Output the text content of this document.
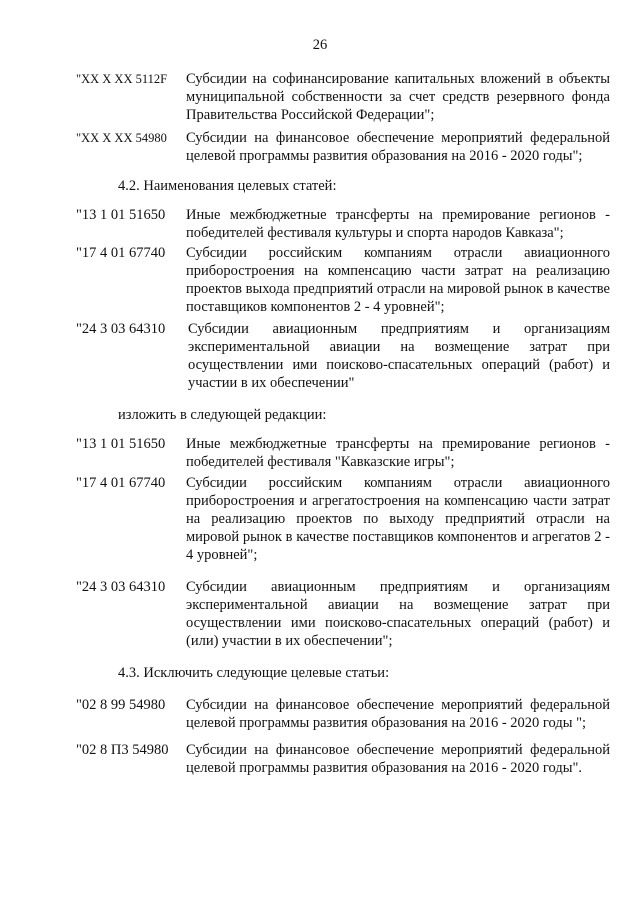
26
"XX X XX 5112F Субсидии на софинансирование капитальных вложений в объекты муниципальной собственности за счет средств резервного фонда Правительства Российской Федерации";
"XX X XX 54980 Субсидии на финансовое обеспечение мероприятий федеральной целевой программы развития образования на 2016 - 2020 годы";
4.2. Наименования целевых статей:
"13 1 01 51650 Иные межбюджетные трансферты на премирование регионов - победителей фестиваля культуры и спорта народов Кавказа";
"17 4 01 67740 Субсидии российским компаниям отрасли авиационного приборостроения на компенсацию части затрат на реализацию проектов выхода предприятий отрасли на мировой рынок в качестве поставщиков компонентов 2 - 4 уровней";
"24 3 03 64310 Субсидии авиационным предприятиям и организациям экспериментальной авиации на возмещение затрат при осуществлении ими поисково-спасательных операций (работ) и участии в их обеспечении"
изложить в следующей редакции:
"13 1 01 51650 Иные межбюджетные трансферты на премирование регионов - победителей фестиваля "Кавказские игры";
"17 4 01 67740 Субсидии российским компаниям отрасли авиационного приборостроения и агрегатостроения на компенсацию части затрат на реализацию проектов по выходу предприятий отрасли на мировой рынок в качестве поставщиков компонентов и агрегатов 2 - 4 уровней";
"24 3 03 64310 Субсидии авиационным предприятиям и организациям экспериментальной авиации на возмещение затрат при осуществлении ими поисково-спасательных операций (работ) и (или) участии в их обеспечении";
4.3. Исключить следующие целевые статьи:
"02 8 99 54980 Субсидии на финансовое обеспечение мероприятий федеральной целевой программы развития образования на 2016 - 2020 годы ";
"02 8 П3 54980 Субсидии на финансовое обеспечение мероприятий федеральной целевой программы развития образования на 2016 - 2020 годы".
